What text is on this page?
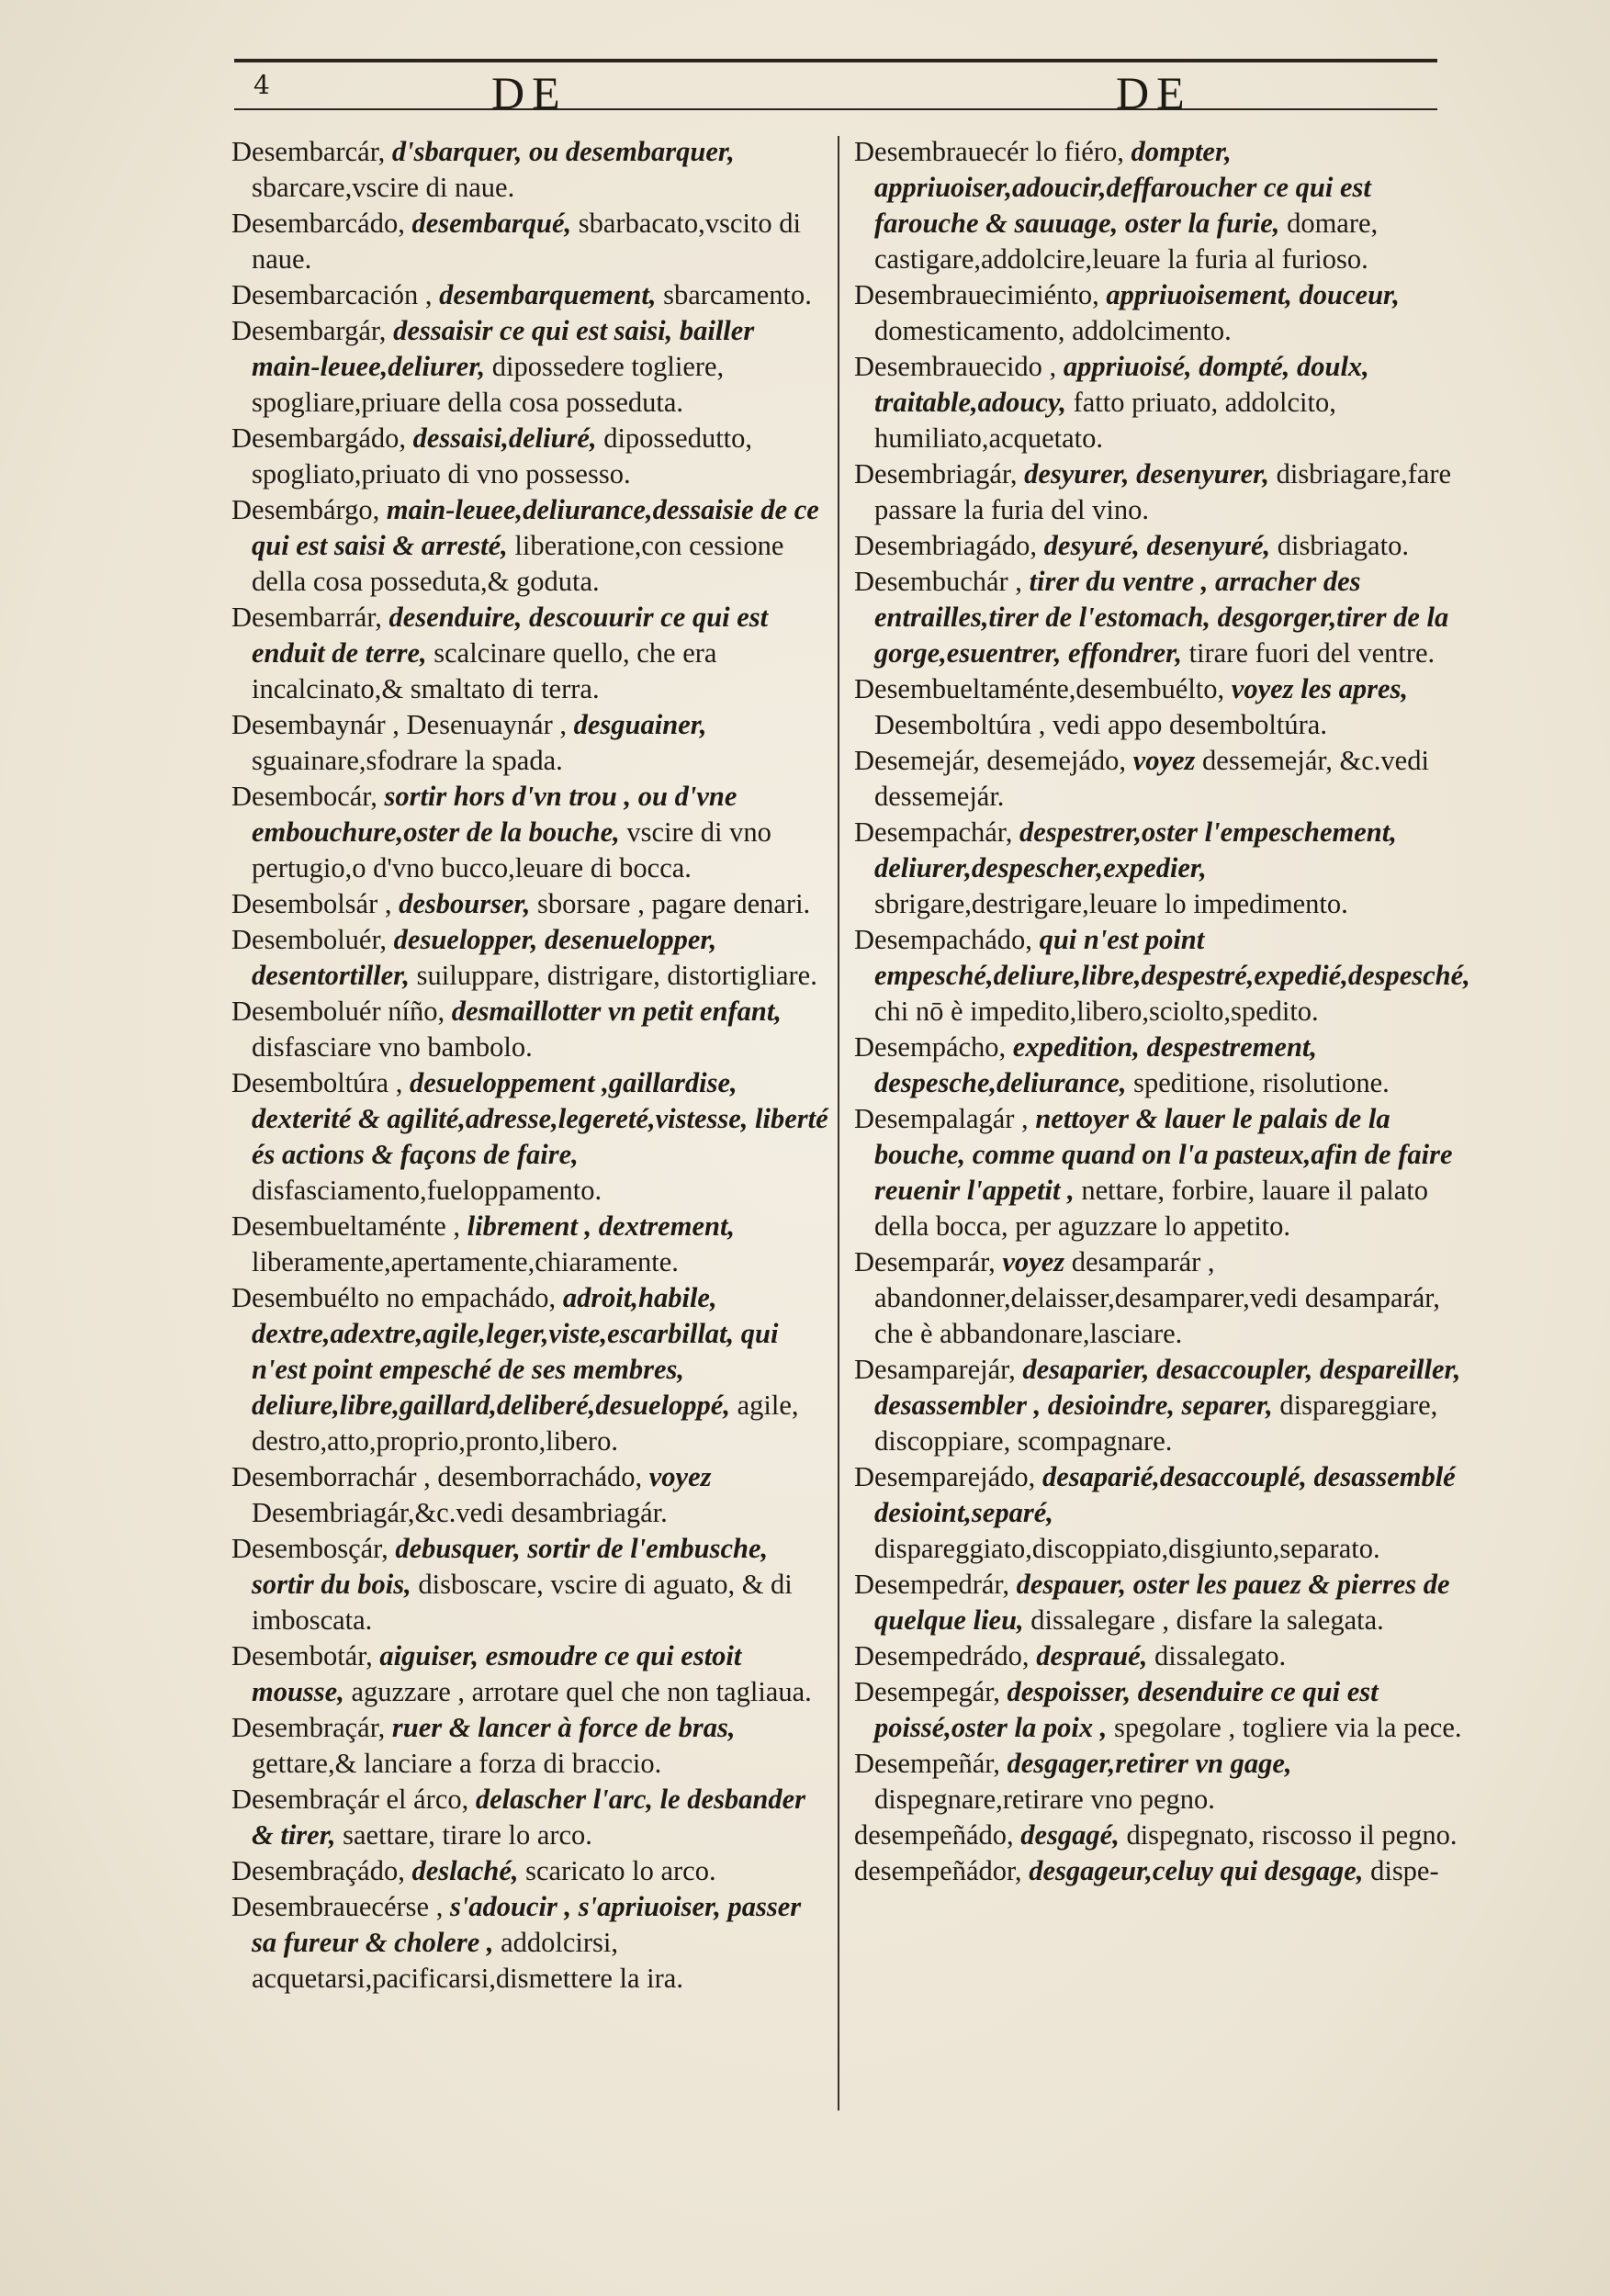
4	DE	DE

Desembarcár, d'sbarquer, ou desembarquer, sbarcare,vscire di naue.

Desembarcádo, desembarqué, sbarbacato,vscito di naue.

Desembarcación , desembarquement, sbarcamento.

Desembargár, dessaisir ce qui est saisi, bailler main-leuee,deliurer, dipossedere togliere, spogliare,priuare della cosa posseduta.

Desembargádo, dessaisi,deliuré, dipossedutto, spogliato,priuato di vno possesso.

Desembárgo, main-leuee,deliurance,dessaisie de ce qui est saisi & arresté, liberatione,con cessione della cosa posseduta,& goduta.

Desembarrár, desenduire, descouurir ce qui est enduit de terre, scalcinare quello, che era incalcinato,& smaltato di terra.

Desembaynár , Desenuaynár , desguainer, sguainare,sfodrare la spada.

Desembocár, sortir hors d'vn trou , ou d'vne embouchure,oster de la bouche, vscire di vno pertugio,o d'vno bucco,leuare di bocca.

Desembolsár , desbourser, sborsare , pagare denari.

Desemboluér, desuelopper, desenuelopper, desentortiller, suiluppare, distrigare, distortigliare.

Desemboluér níño, desmaillotter vn petit enfant, disfasciare vno bambolo.

Desemboltúra , desueloppement ,gaillardise, dexterité & agilité,adresse,legereté,vistesse, liberté és actions & façons de faire, disfasciamento,fueloppamento.

Desembueltaménte , librement , dextrement, liberamente,apertamente,chiaramente.

Desembuélto no empachádo, adroit,habile, dextre,adextre,agile,leger,viste,escarbillat, qui n'est point empesché de ses membres, deliure,libre,gaillard,deliberé,desueloppé, agile, destro,atto,proprio,pronto,libero.

Desemborrachár , desemborrachádo, voyez Desembriagár,&c.vedi desambriagár.

Desembosçár, debusquer, sortir de l'embusche, sortir du bois, disboscare, vscire di aguato, & di imboscata.

Desembotár, aiguiser, esmoudre ce qui estoit mousse, aguzzare , arrotare quel che non tagliaua.

Desembraçár, ruer & lancer à force de bras, gettare,& lanciare a forza di braccio.

Desembraçár el árco, delascher l'arc, le desbander & tirer, saettare, tirare lo arco.

Desembraçádo, deslaché, scaricato lo arco.

Desembrauecérse , s'adoucir , s'apriuoiser, passer sa fureur & cholere , addolcirsi, acquetarsi,pacificarsi,dismettere la ira.

Desembrauecér lo fiéro, dompter, appriuoiser,adoucir,deffaroucher ce qui est farouche & sauuage, oster la furie, domare, castigare,addolcire,leuare la furia al furioso.

Desembrauecimiénto, appriuoisement, douceur, domesticamento, addolcimento.

Desembrauecido , appriuoisé, dompté, doulx, traitable,adoucy, fatto priuato, addolcito, humiliato,acquetato.

Desembriagár, desyurer, desenyurer, disbriagare,fare passare la furia del vino.

Desembriagádo, desyuré, desenyuré, disbriagato.

Desembuchár , tirer du ventre , arracher des entrailles,tirer de l'estomach, desgorger,tirer de la gorge,esuentrer, effondrer, tirare fuori del ventre.

Desembueltaménte,desembuélto, voyez les apres, Desemboltúra , vedi appo desemboltúra.

Desemejár, desemejádo, voyez dessemejár, &c.vedi dessemejár.

Desempachár, despestrer,oster l'empeschement, deliurer,despescher,expedier, sbrigare,destrigare,leuare lo impedimento.

Desempachádo, qui n'est point empesché,deliure,libre,despestré,expedié,despesché, chi nō è impedito,libero,sciolto,spedito.

Desempácho, expedition, despestrement, despesche,deliurance, speditione, risolutione.

Desempalagár , nettoyer & lauer le palais de la bouche, comme quand on l'a pasteux,afin de faire reuenir l'appetit , nettare, forbire, lauare il palato della bocca, per aguzzare lo appetito.

Desemparár, voyez desamparár , abandonner,delaisser,desamparer,vedi desamparár, che è abbandonare,lasciare.

Desamparejár, desaparier, desaccoupler, despareiller, desassembler , desioindre, separer, dispareggiare, discoppiare, scompagnare.

Desemparejádo, desaparié,desaccouplé, desassemblé desioint,separé, dispareggiato,discoppiato,disgiunto,separato.

Desempedrár, despauer, oster les pauez & pierres de quelque lieu, dissalegare , disfare la salegata.

Desempedrádo, despraué, dissalegato.

Desempegár, despoisser, desenduire ce qui est poissé,oster la poix , spegolare , togliere via la pece.

Desempeñár, desgager,retirer vn gage, dispegnare,retirare vno pegno.

desempeñádo, desgagé, dispegnato, riscosso il pegno.

desempeñádor, desgageur,celuy qui desgage, dispe-
